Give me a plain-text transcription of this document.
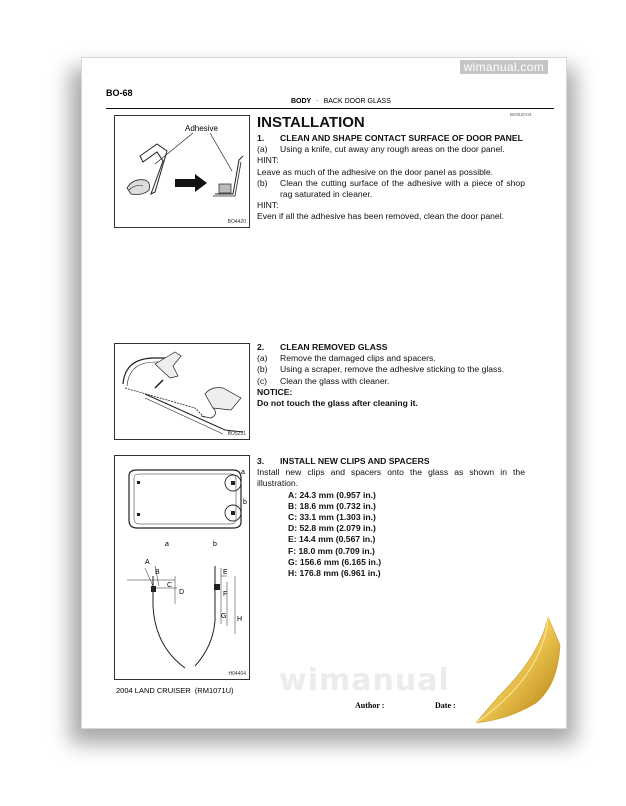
wimanual.com
BO-68
BODY - BACK DOOR GLASS
BO0U0-03
Adhesive
BO4420
BO5231
a
b
a	b
A
B
C
D
E
F
G H
H04404
INSTALLATION
1.	CLEAN AND SHAPE CONTACT SURFACE OF DOOR PANEL
(a)	Using a knife, cut away any rough areas on the door panel.
HINT:
Leave as much of the adhesive on the door panel as possible.
(b)	Clean the cutting surface of the adhesive with a piece of shop rag saturated in cleaner.
HINT:
Even if all the adhesive has been removed, clean the door panel.
2.	CLEAN REMOVED GLASS
(a)	Remove the damaged clips and spacers.
(b)	Using a scraper, remove the adhesive sticking to the glass.
(c)	Clean the glass with cleaner.
NOTICE:
Do not touch the glass after cleaning it.
3.	INSTALL NEW CLIPS AND SPACERS
Install new clips and spacers onto the glass as shown in the illustration.
A: 24.3 mm (0.957 in.)
B: 18.6 mm (0.732 in.)
C: 33.1 mm (1.303 in.)
D: 52.8 mm (2.079 in.)
E: 14.4 mm (0.567 in.)
F: 18.0 mm (0.709 in.)
G: 156.6 mm (6.165 in.)
H: 176.8 mm (6.961 in.)
wimanual
2004 LAND CRUISER (RM1071U)
Author :	Date :
